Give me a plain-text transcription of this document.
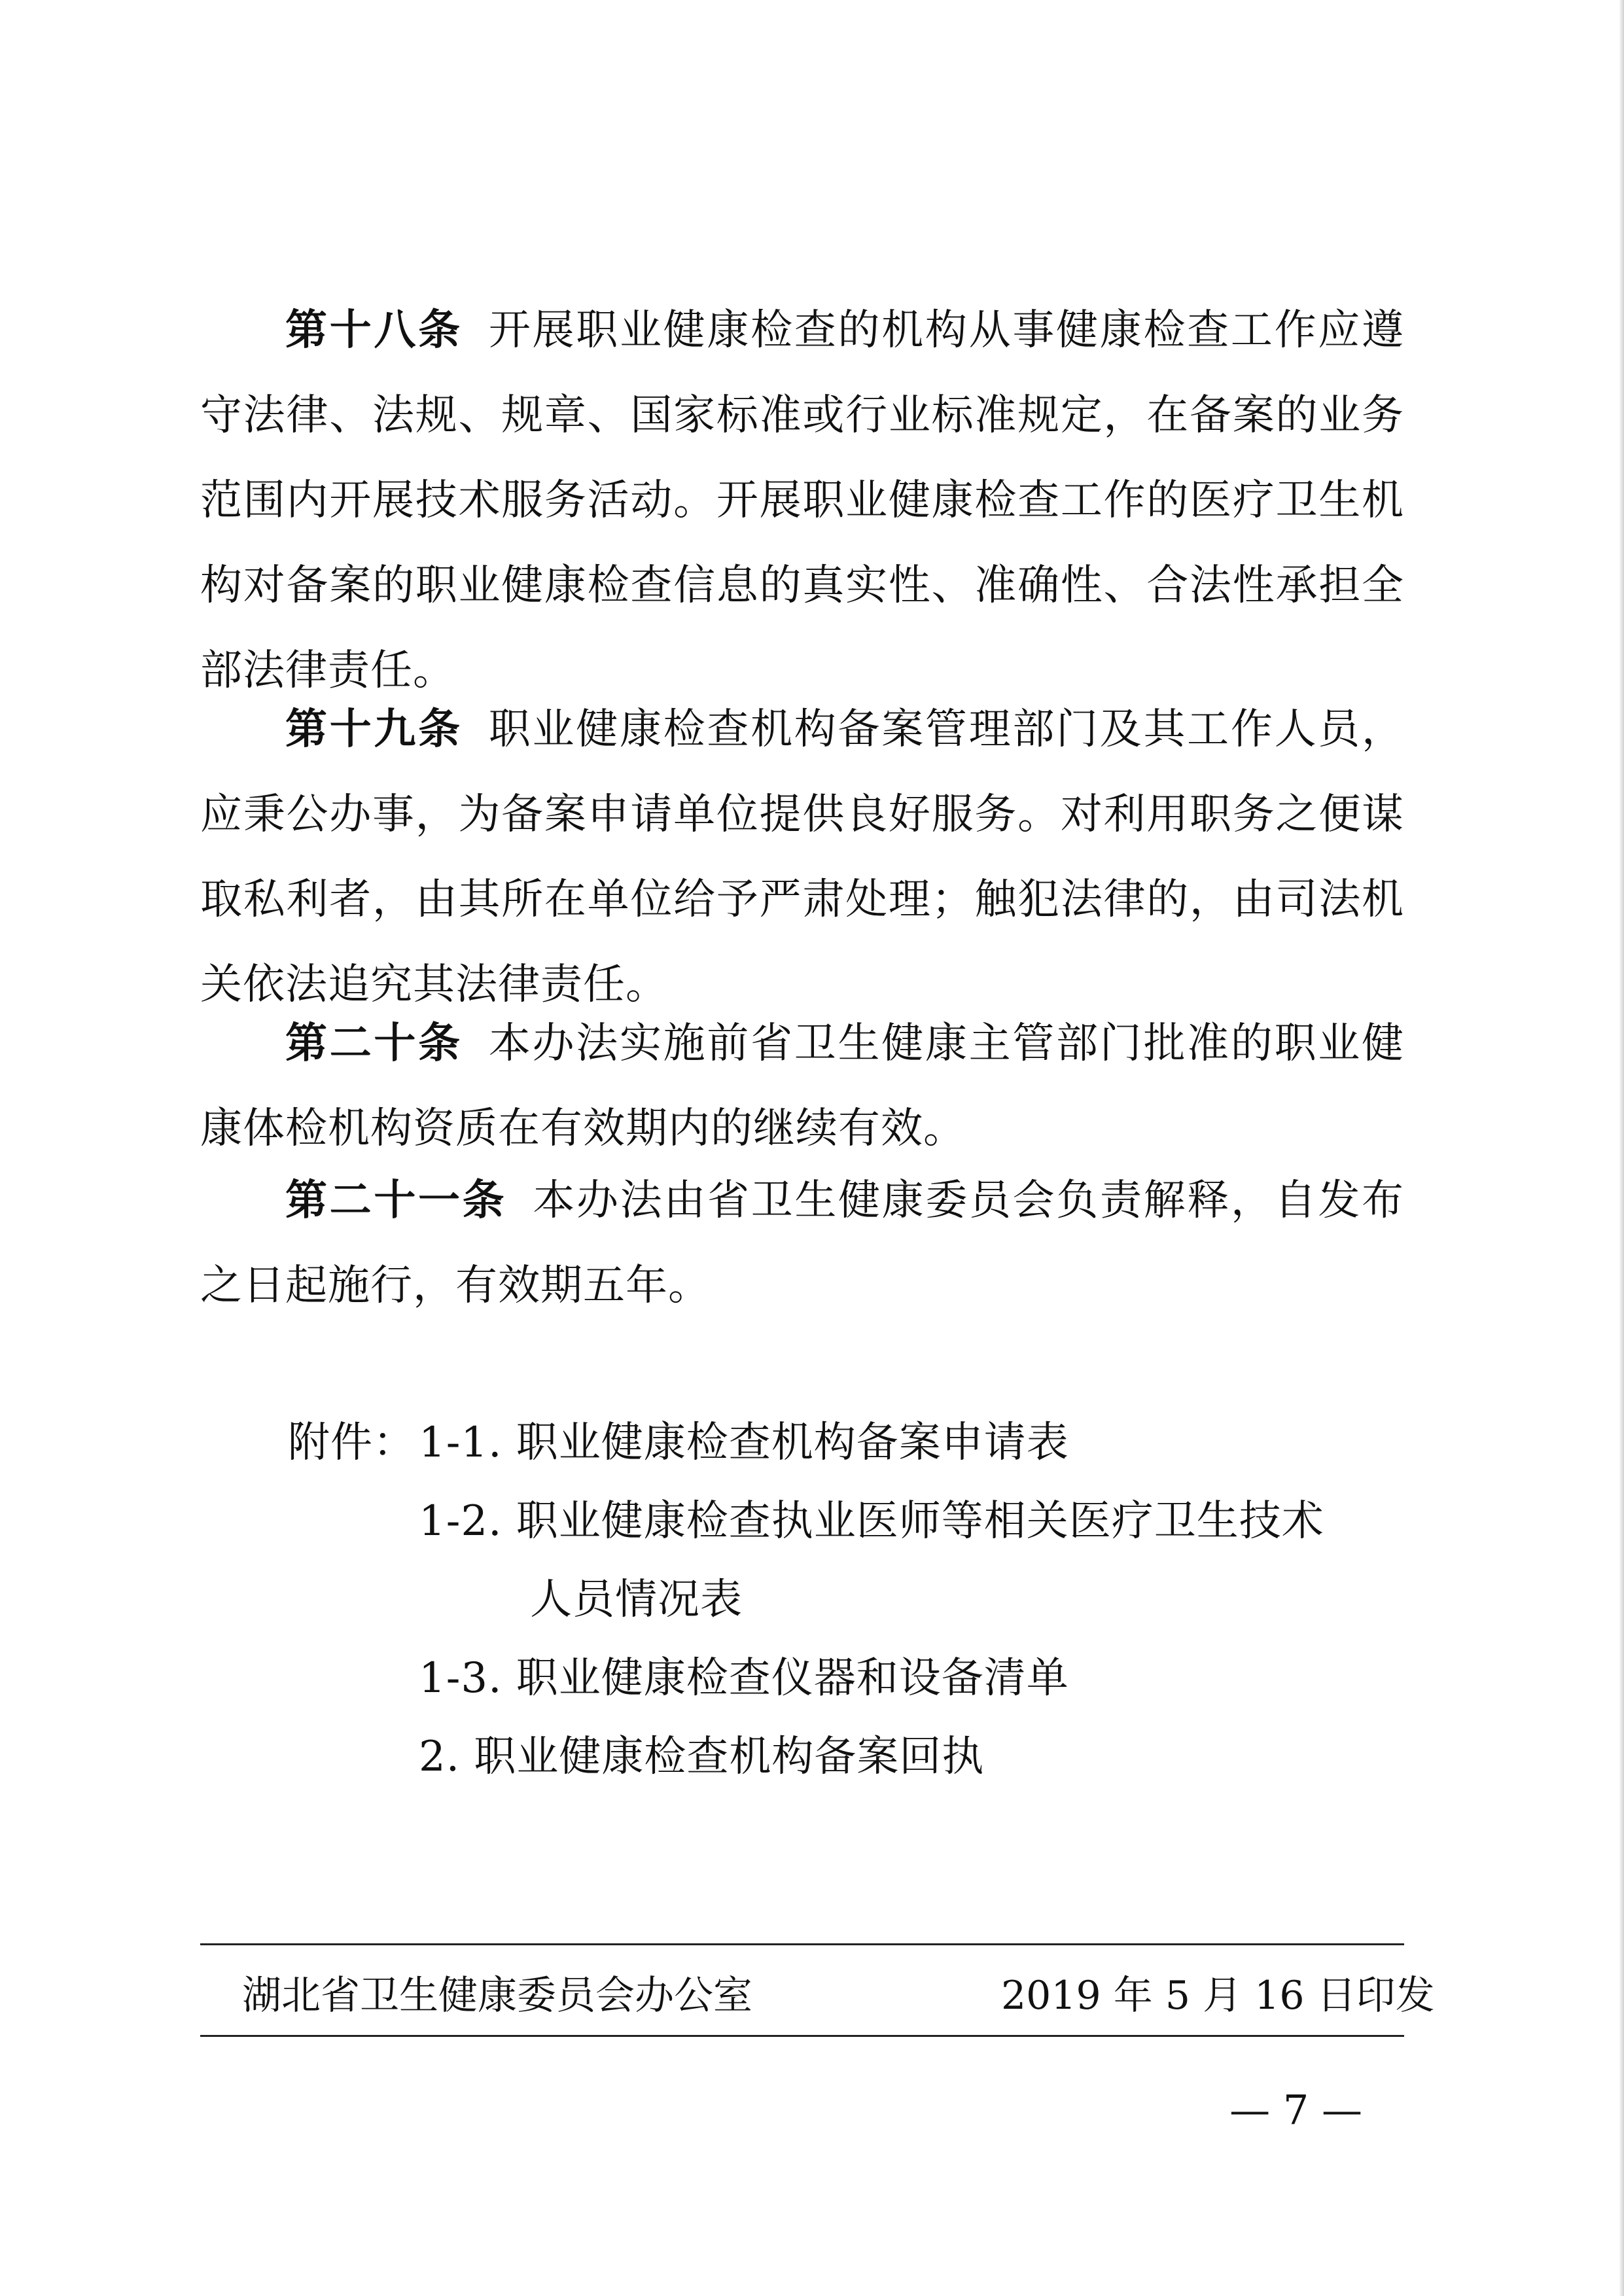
第十八条 开展职业健康检查的机构从事健康检查工作应遵守法律、法规、规章、国家标准或行业标准规定，在备案的业务范围内开展技术服务活动。开展职业健康检查工作的医疗卫生机构对备案的职业健康检查信息的真实性、准确性、合法性承担全部法律责任。

第十九条 职业健康检查机构备案管理部门及其工作人员，应秉公办事，为备案申请单位提供良好服务。对利用职务之便谋取私利者，由其所在单位给予严肃处理；触犯法律的，由司法机关依法追究其法律责任。

第二十条 本办法实施前省卫生健康主管部门批准的职业健康体检机构资质在有效期内的继续有效。

第二十一条 本办法由省卫生健康委员会负责解释，自发布之日起施行，有效期五年。

附件： 1-1. 职业健康检查机构备案申请表
1-2. 职业健康检查执业医师等相关医疗卫生技术
人员情况表
1-3. 职业健康检查仪器和设备清单
2. 职业健康检查机构备案回执
湖北省卫生健康委员会办公室	2019 年 5 月 16 日印发
— 7 —
